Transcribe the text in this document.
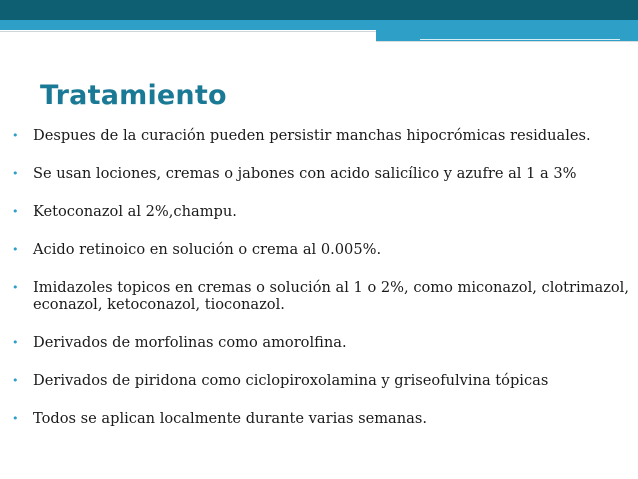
Tratamiento
• Despues de la curación pueden persistir manchas hipocrómicas residuales.
• Se usan lociones, cremas o jabones con acido salicílico y azufre al 1 a 3%
• Ketoconazol al 2%,champu.
• Acido retinoico en solución o crema al 0.005%.
• Imidazoles topicos en cremas o solución al 1 o 2%, como miconazol, clotrimazol, econazol, ketoconazol, tioconazol.
• Derivados de morfolinas como amorolfina.
• Derivados de piridona como ciclopiroxolamina y griseofulvina tópicas
• Todos se aplican localmente durante varias semanas.
